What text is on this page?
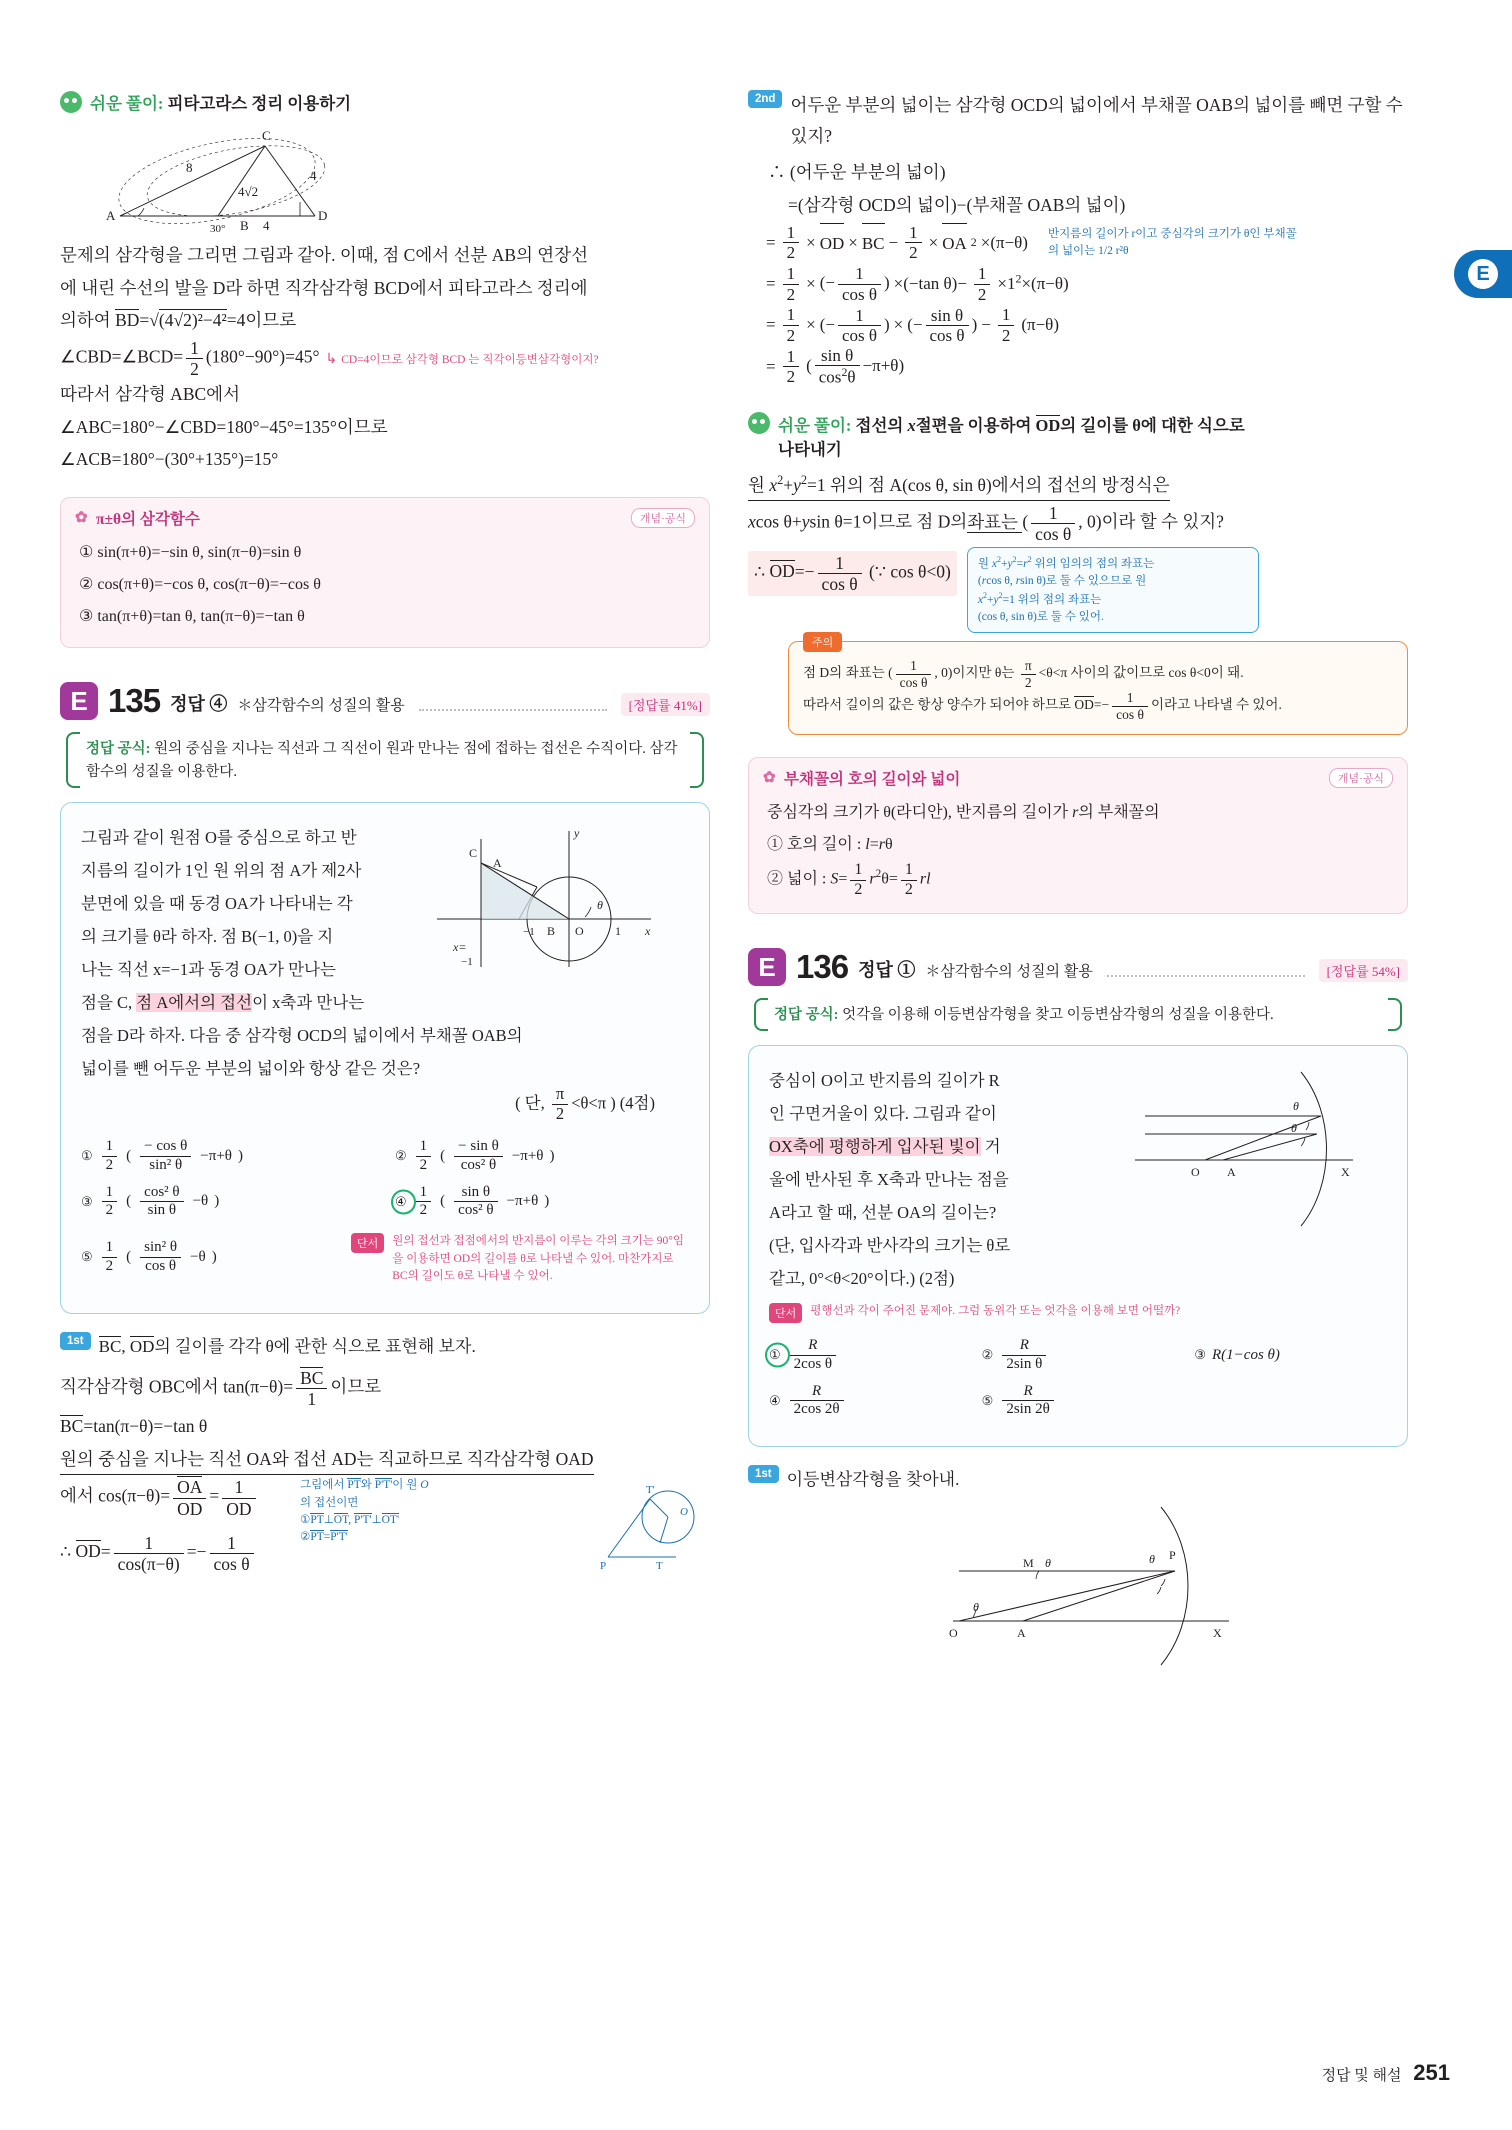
E
쉬운 풀이: 피타고라스 정리 이용하기
C
8
4
4√2
A
30° B 4
D

문제의 삼각형을 그리면 그림과 같아. 이때, 점 C에서 선분 AB의 연장선

에 내린 수선의 발을 D라 하면 직각삼각형 BCD에서 피타고라스 정리에

의하여 BD=√(4√2)²−4²=4이므로

∠CBD=∠BCD= $\frac{1}{2} (180^\circ-90^\circ)=45^\circ$ ↳ CD=4이므로 삼각형 BCD 는 직각이등변삼각형이지?

따라서 삼각형 ABC에서

∠ABC=180°−∠CBD=180°−45°=135°이므로

∠ACB=180°−(30°+135°)=15°

✿ π±θ의 삼각함수	개념·공식
① sin(π+θ)=−sin θ, sin(π−θ)=sin θ
② cos(π+θ)=−cos θ, cos(π−θ)=−cos θ
③ tan(π+θ)=tan θ, tan(π−θ)=−tan θ
E 135 정답 ④ ＊삼각함수의 성질의 활용	[정답률 41%]
정답 공식: 원의 중심을 지나는 직선과 그 직선이 원과 만나는 점에 접하는 접선은 수직이다. 삼각함수의 성질을 이용한다.
그림과 같이 원점 O를 중심으로 하고 반
지름의 길이가 1인 원 위의 점 A가 제2사
분면에 있을 때 동경 OA가 나타내는 각
의 크기를 θ라 하자. 점 B(−1, 0)을 지
나는 직선 x=−1과 동경 OA가 만나는
점을 C, 점 A에서의 접선이 x축과 만나는
y
C
A
θ
−1 B O	1 x
x=
−1
점을 D라 하자. 다음 중 삼각형 OCD의 넓이에서 부채꼴 OAB의
넓이를 뺀 어두운 부분의 넓이와 항상 같은 것은?
( 단, $\frac{\pi}{2} <\theta<\pi$ ) (4점)
① $\frac{1}{2}$ ( $\frac{\text{− cos θ}}{\text{sin² θ}} -\pi+\theta$ )	② $\frac{1}{2}$ ( $\frac{\text{− sin θ}}{\text{cos² θ}} -\pi+\theta$ )
③ $\frac{1}{2}$ ( $\frac{\text{cos² θ}}{\text{sin θ}} -\theta$ )	④ $\frac{1}{2}$ ( $\frac{\text{sin θ}}{\text{cos² θ}} -\pi+\theta$ )
⑤ $\frac{1}{2}$ ( $\frac{\text{sin² θ}}{\text{cos θ}} -\theta$ )
단서	원의 접선과 접점에서의 반지름이 이루는 각의 크기는 90°임을 이용하면 OD의 길이를 θ로 나타낼 수 있어. 마찬가지로 BC의 길이도 θ로 나타낼 수 있어.
1st BC, OD의 길이를 각각 θ에 관한 식으로 표현해 보자.

직각삼각형 OBC에서 $\tan(\pi-\theta)= \frac{BC}{1}$ 이므로

BC=tan(π−θ)=−tan θ

원의 중심을 지나는 직선 OA와 접선 AD는 직교하므로 직각삼각형 OAD

에서 $\cos(\pi-\theta)= \frac{OA}{OD} = \frac{1}{OD}$

∴ $OD= \frac{1}{\cos(\pi-\theta)} =- \frac{1}{\text{cos θ}}$

그림에서 PT와 P'T'이 원 O
의 접선이면
①PT⊥OT, P'T'⊥OT'
②PT=P'T'
T'
O
P	T
2nd 어두운 부분의 넓이는 삼각형 OCD의 넓이에서 부채꼴 OAB의 넓이를 빼면 구할 수 있지?

∴ (어두운 부분의 넓이)

=(삼각형 OCD의 넓이)−(부채꼴 OAB의 넓이)

= $\frac{1}{2}$ × OD × BC − $\frac{1}{2}$ × OA 2 ×(π−θ) 반지름의 길이가 r이고 중심각의 크기가 θ인 부채꼴의 넓이는 1/2 r²θ
= $\frac{1}{2}$ × (− $\frac{1}{\text{cos θ}}$ ) ×(−tan $\theta)- \frac{1}{2} \times 1^2\times(\pi-\theta)$
= $\frac{1}{2}$ × (− $\frac{1}{\text{cos θ}}$ ) × (− $\frac{\text{sin θ}}{\text{cos θ}}$ ) − $\frac{1}{2} (\pi-\theta)$
= $\frac{1}{2}$ ( $\frac{\text{sin θ}}{\cos^2\theta} -\pi+\theta$)
쉬운 풀이: 접선의 x절편을 이용하여 OD의 길이를 θ에 대한 식으로
나타내기

원 $x^2+y^2=1$ 위의 점 A(cos θ, sin θ)에서의 접선의 방정식은

xcos θ+ysin θ=1이므로 점 D의좌표는 ( $\frac{1}{\text{cos θ}}$ , 0)이라 할 수 있지?

∴ $OD=- \frac{1}{\text{cos θ}}$ (∵ cos θ<0)	원 $x^2+y^2=r^2$ 위의 임의의 점의 좌표는
(rcos θ, rsin θ)로 둘 수 있으므로 원
$x^2+y^2=1$ 위의 점의 좌표는
(cos θ, sin θ)로 둘 수 있어.

주의

점 D의 좌표는 ( $\frac{1}{\text{cos θ}}$ , 0)이지만 θ는 $\frac{\pi}{2} <\theta<\pi$ 사이의 값이므로 cos θ<0이 돼.

따라서 길이의 값은 항상 양수가 되어야 하므로 $OD=- \frac{1}{\text{cos θ}}$ 이라고 나타낼 수 있어.

✿ 부채꼴의 호의 길이와 넓이	개념·공식
중심각의 크기가 θ(라디안), 반지름의 길이가 r의 부채꼴의
① 호의 길이 : l=rθ
② 넓이 : $S= \frac{1}{2} r^2\theta= \frac{1}{2}$ rl
E 136 정답 ① ＊삼각함수의 성질의 활용	[정답률 54%]
정답 공식: 엇각을 이용해 이등변삼각형을 찾고 이등변삼각형의 성질을 이용한다.
중심이 O이고 반지름의 길이가 R
인 구면거울이 있다. 그림과 같이
OX축에 평행하게 입사된 빛이 거
울에 반사된 후 X축과 만나는 점을
A라고 할 때, 선분 OA의 길이는?
(단, 입사각과 반사각의 크기는 θ로
같고, 0°<θ<20°이다.) (2점)
θ
θ
O A	X
단서	평행선과 각이 주어진 문제야. 그럼 동위각 또는 엇각을 이용해 보면 어떨까?
① $\frac{R}{\text{2cos θ}}$	② $\frac{R}{\text{2sin θ}}$	③ R(1−cos θ)
④ $\frac{R}{2\cos 2\theta}$	⑤ $\frac{R}{2\sin 2\theta}$
1st 이등변삼각형을 찾아내.
P
θ
M θ	θ
O	A	X
정답 및 해설 251
